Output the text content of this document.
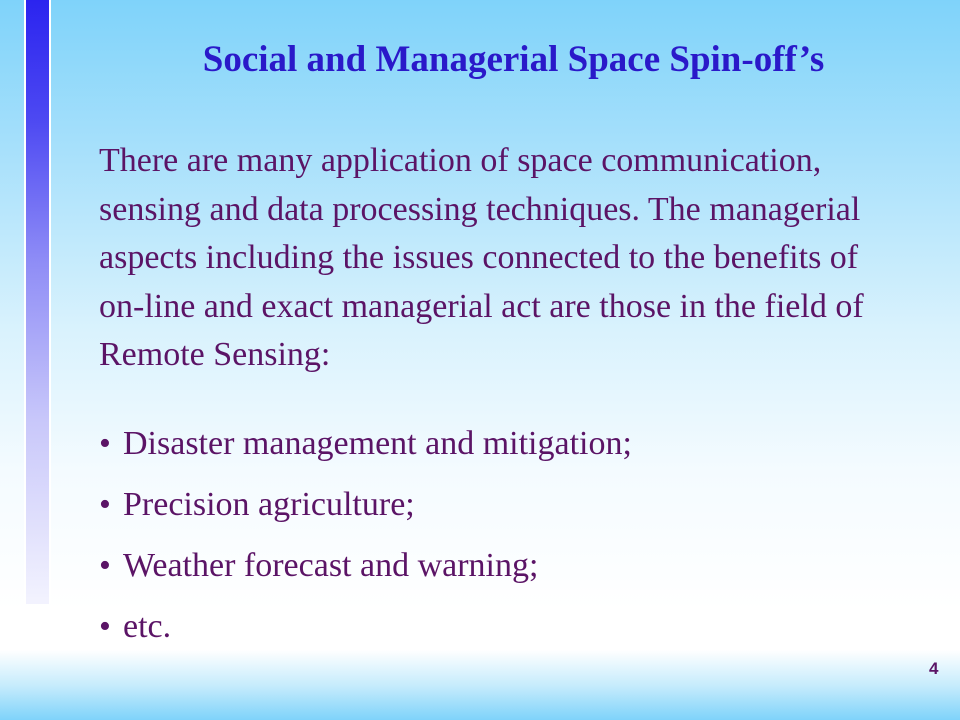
Social and Managerial Space Spin-off’s

There are many application of space communication, sensing and data processing techniques. The managerial aspects including the issues connected to the benefits of on-line and exact managerial act are those in the field of Remote Sensing:

• Disaster management and mitigation;
• Precision agriculture;
• Weather forecast and warning;
• etc.
4
